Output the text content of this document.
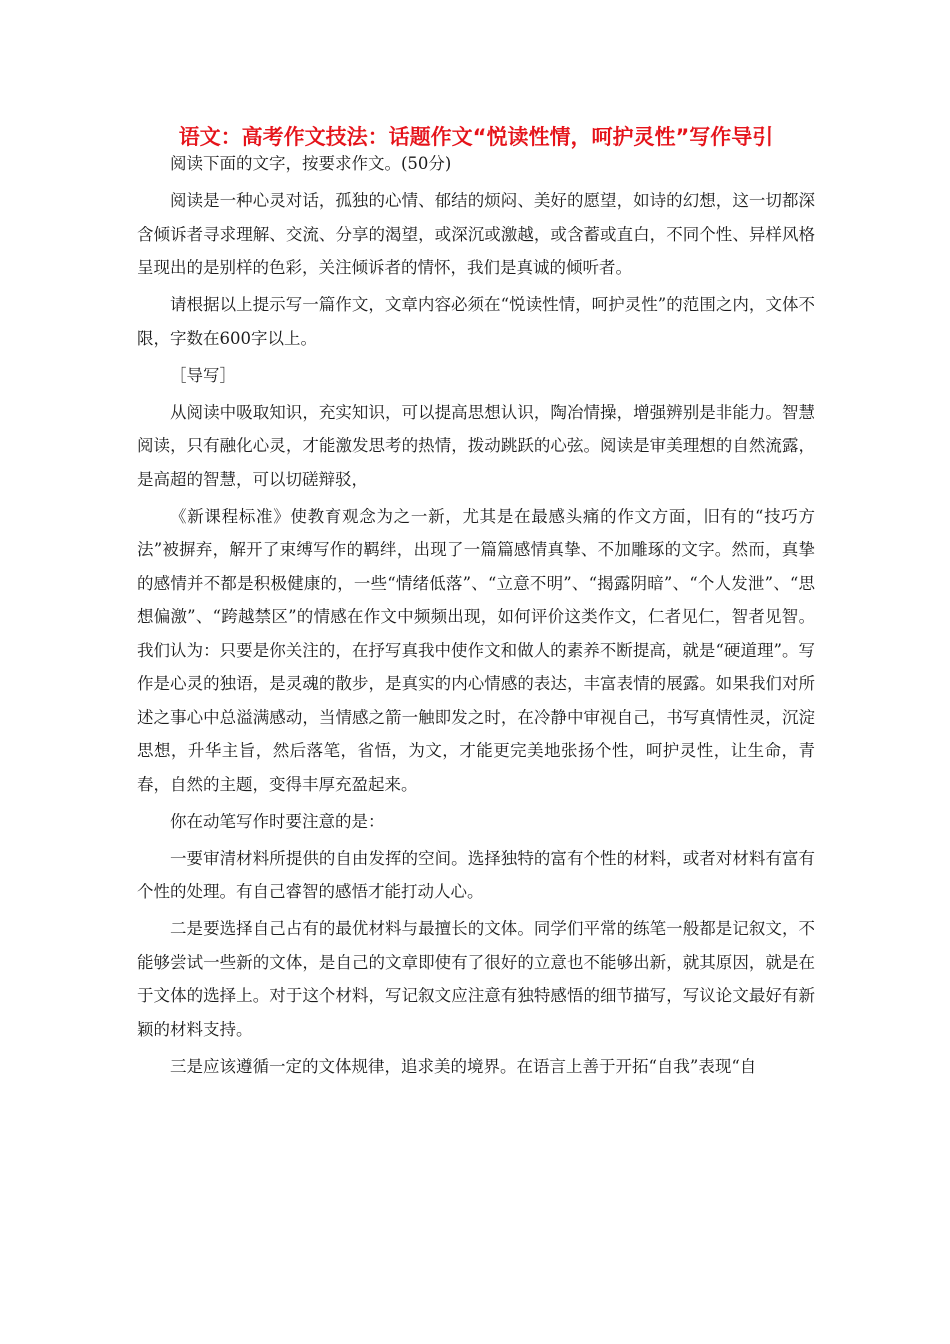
语文：高考作文技法：话题作文“悦读性情，呵护灵性”写作导引

阅读下面的文字，按要求作文。(50分)

阅读是一种心灵对话，孤独的心情、郁结的烦闷、美好的愿望，如诗的幻想，这一切都深含倾诉者寻求理解、交流、分享的渴望，或深沉或激越，或含蓄或直白，不同个性、异样风格呈现出的是别样的色彩，关注倾诉者的情怀，我们是真诚的倾听者。

请根据以上提示写一篇作文，文章内容必须在“悦读性情，呵护灵性”的范围之内，文体不限，字数在600字以上。

［导写］

从阅读中吸取知识，充实知识，可以提高思想认识，陶冶情操，增强辨别是非能力。智慧阅读，只有融化心灵，才能激发思考的热情，拨动跳跃的心弦。阅读是审美理想的自然流露，是高超的智慧，可以切磋辩驳，

《新课程标准》使教育观念为之一新，尤其是在最感头痛的作文方面，旧有的“技巧方法”被摒弃，解开了束缚写作的羁绊，出现了一篇篇感情真挚、不加雕琢的文字。然而，真挚的感情并不都是积极健康的，一些“情绪低落”、“立意不明”、“揭露阴暗”、“个人发泄”、“思想偏激”、“跨越禁区”的情感在作文中频频出现，如何评价这类作文，仁者见仁，智者见智。我们认为：只要是你关注的，在抒写真我中使作文和做人的素养不断提高，就是“硬道理”。写作是心灵的独语，是灵魂的散步，是真实的内心情感的表达，丰富表情的展露。如果我们对所述之事心中总溢满感动，当情感之箭一触即发之时，在冷静中审视自己，书写真情性灵，沉淀思想，升华主旨，然后落笔，省悟，为文，才能更完美地张扬个性，呵护灵性，让生命，青春，自然的主题，变得丰厚充盈起来。

你在动笔写作时要注意的是：

一要审清材料所提供的自由发挥的空间。选择独特的富有个性的材料，或者对材料有富有个性的处理。有自己睿智的感悟才能打动人心。

二是要选择自己占有的最优材料与最擅长的文体。同学们平常的练笔一般都是记叙文，不能够尝试一些新的文体，是自己的文章即使有了很好的立意也不能够出新，就其原因，就是在于文体的选择上。对于这个材料，写记叙文应注意有独特感悟的细节描写，写议论文最好有新颖的材料支持。

三是应该遵循一定的文体规律，追求美的境界。在语言上善于开拓“自我”表现“自
